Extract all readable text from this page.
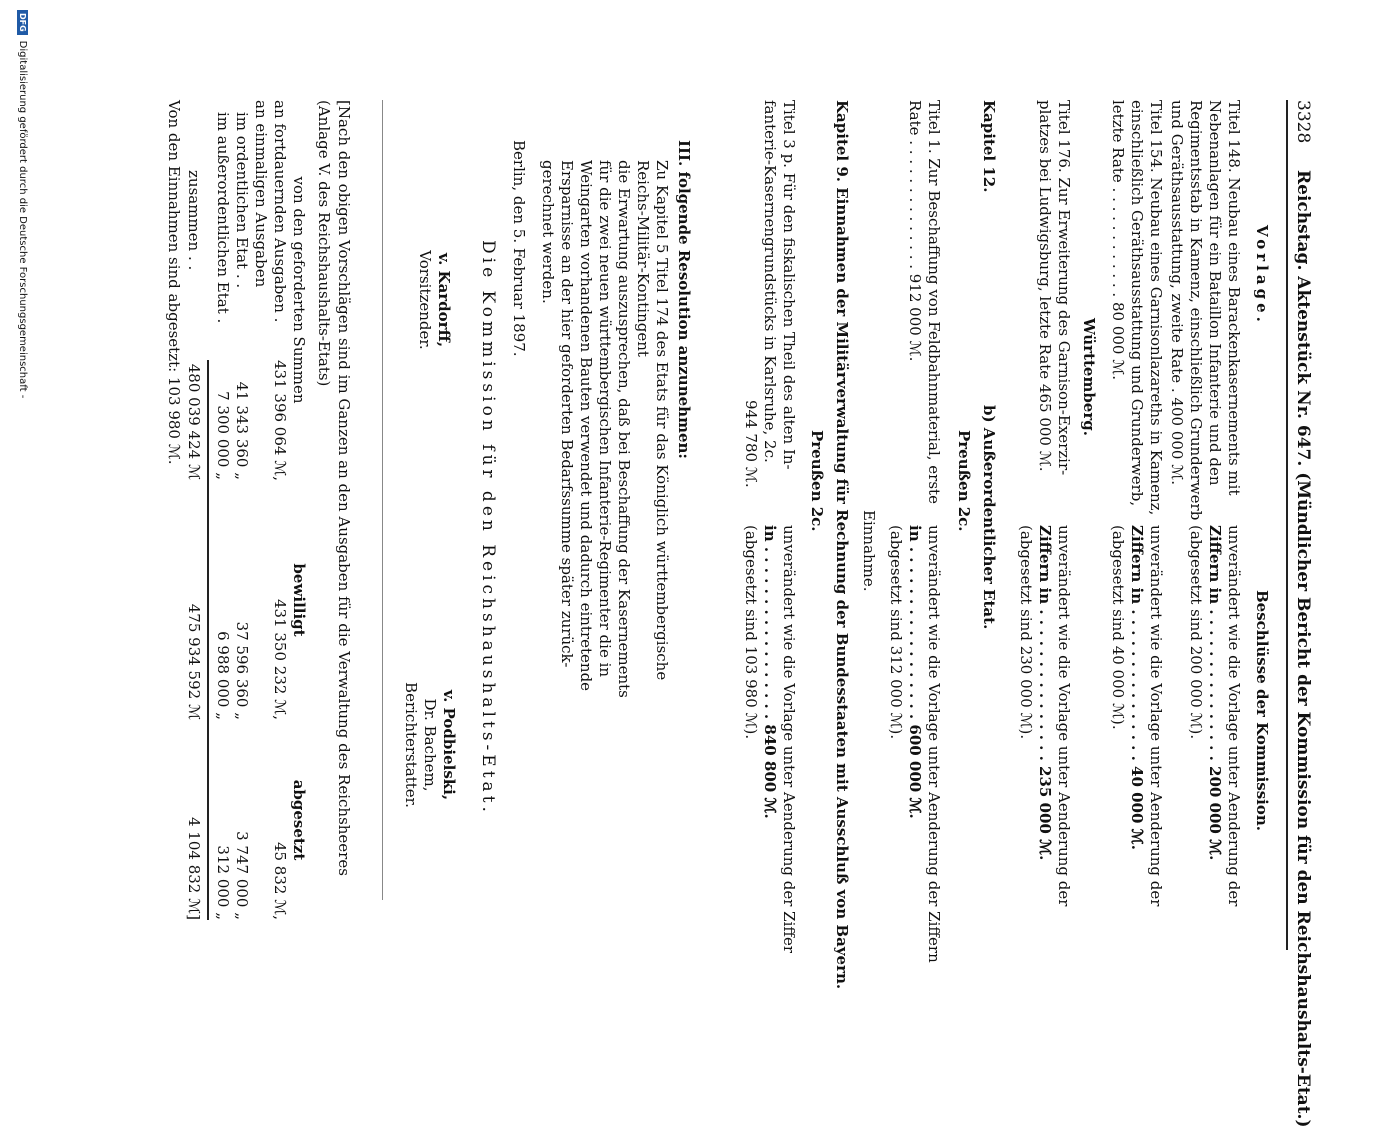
3328
Reichstag. Aktenstück Nr. 647. (Mündlicher Bericht der Kommission für den Reichshaushalts-Etat.)
Vorlage.
Beschlüsse der Kommission.
Titel 148. Neubau eines Barackenkasernements mit
Nebenanlagen für ein Bataillon Infanterie und den
Regimentsstab in Kamenz, einschließlich Grunderwerb
und Geräthsausstattung, zweite Rate . 400 000 ℳ.
unverändert wie die Vorlage unter Aenderung der
Ziffern in . . . . . . . . . . . . . . . 200 000 ℳ.
(abgesetzt sind 200 000 ℳ).
Titel 154. Neubau eines Garnisonlazareths in Kamenz,
einschließlich Geräthsausstattung und Grunderwerb,
letzte Rate . . . . . . . . . . . . 80 000 ℳ.
unverändert wie die Vorlage unter Aenderung der
Ziffern in . . . . . . . . . . . . . . . 40 000 ℳ.
(abgesetzt sind 40 000 ℳ).
Württemberg.
Titel 176. Zur Erweiterung des Garnison-Exerzir-
platzes bei Ludwigsburg, letzte Rate 465 000 ℳ.
unverändert wie die Vorlage unter Aenderung der
Ziffern in . . . . . . . . . . . . . . . 235 000 ℳ.
(abgesetzt sind 230 000 ℳ).
Kapitel 12.
b) Außerordentlicher Etat.
Preußen 2c.
Titel 1. Zur Beschaffung von Feldbahnmaterial, erste
Rate . . . . . . . . . . . . . . 912 000 ℳ.
unverändert wie die Vorlage unter Aenderung der Ziffern
in . . . . . . . . . . . . . . . . . 600 000 ℳ.
(abgesetzt sind 312 000 ℳ).
Einnahme.
Kapitel 9. Einnahmen der Militärverwaltung für Rechnung der Bundesstaaten mit Ausschluß von Bayern.
Preußen 2c.
Titel 3 p. Für den fiskalischen Theil des alten In-
fanterie-Kasernengrundstücks in Karlsruhe, 2c.
944 780 ℳ.
unverändert wie die Vorlage unter Aenderung der Ziffer
in . . . . . . . . . . . . . . . . . 840 800 ℳ.
(abgesetzt sind 103 980 ℳ).
III. folgende Resolution anzunehmen:
Zu Kapitel 5 Titel 174 des Etats für das Königlich württembergische
Reichs-Militär-Kontingent
die Erwartung auszusprechen, daß bei Beschaffung der Kasernements
für die zwei neuen württembergischen Infanterie-Regimenter die in
Weingarten vorhandenen Bauten verwendet und dadurch eintretende
Ersparnisse an der hier geforderten Bedarfssumme später zurück-
gerechnet werden.
Berlin, den 5. Februar 1897.
Die Kommission für den Reichshaushalts-Etat.
v. Kardorff,
Vorsitzender.
v. Podbielski,
Dr. Bachem,
Berichterstatter.
[Nach den obigen Vorschlägen sind im Ganzen an den Ausgaben für die Verwaltung des Reichsheeres
(Anlage V. des Reichshaushalts-Etats)
von den geforderten Summen
bewilligt
abgesetzt
an fortdauernden Ausgaben .
431 396 064 ℳ,
431 350 232 ℳ,
45 832 ℳ,
an einmaligen Ausgaben
im ordentlichen Etat . .
41 343 360 „
37 596 360 „
3 747 000 „
im außerordentlichen Etat .
7 300 000 „
6 988 000 „
312 000 „
zusammen . .
480 039 424 ℳ
475 934 592 ℳ
4 104 832 ℳ]
Von den Einnahmen sind abgesetzt: 103 980 ℳ.
DFG
Digitalisierung gefördert durch die Deutsche Forschungsgemeinschaft -
